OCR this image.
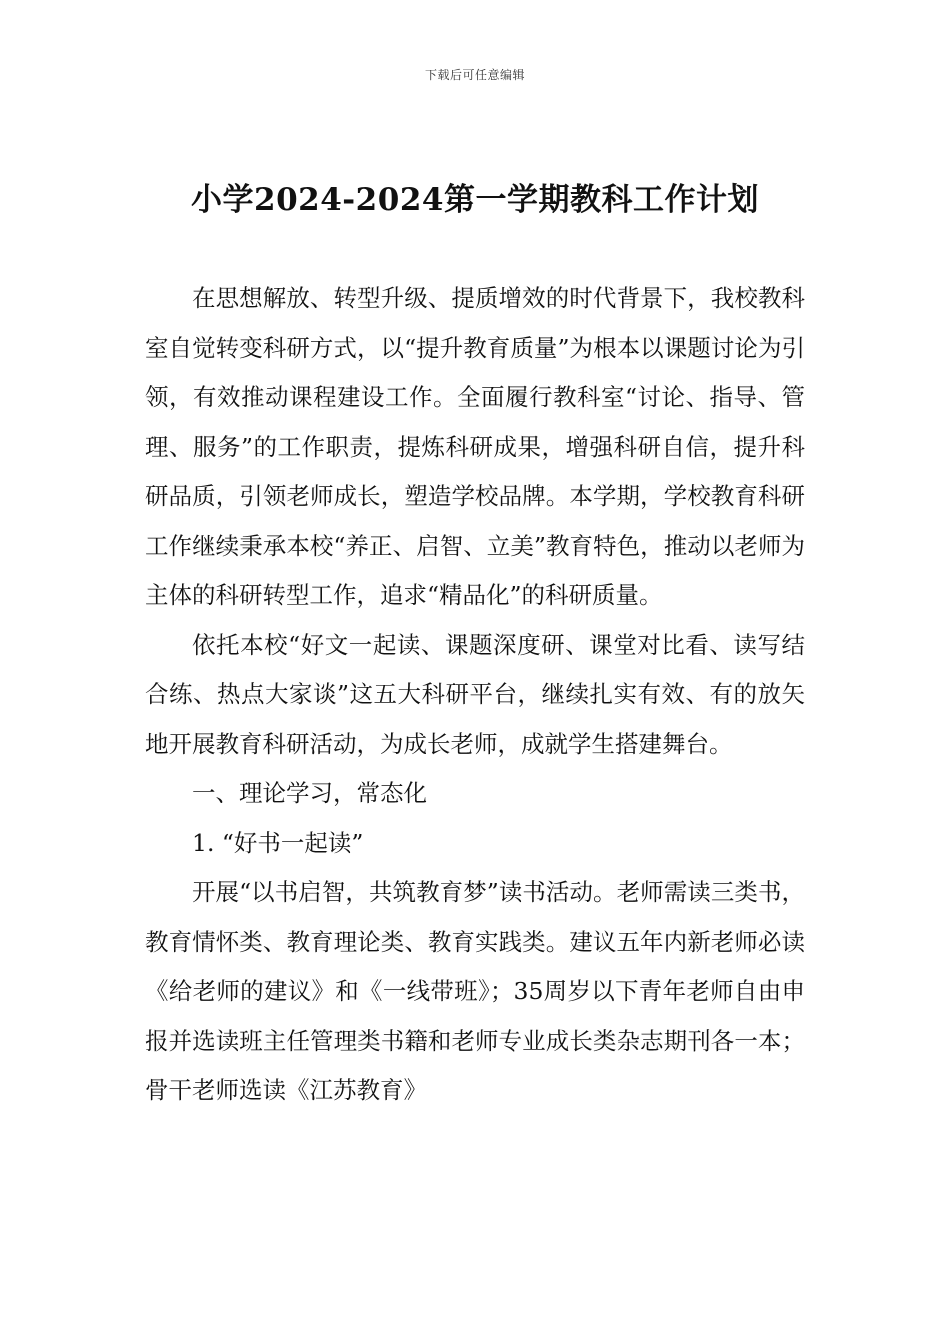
下载后可任意编辑
小学2024-2024第一学期教科工作计划

在思想解放、转型升级、提质增效的时代背景下，我校教科室自觉转变科研方式，以“提升教育质量”为根本以课题讨论为引领，有效推动课程建设工作。全面履行教科室“讨论、指导、管理、服务”的工作职责，提炼科研成果，增强科研自信，提升科研品质，引领老师成长，塑造学校品牌。本学期，学校教育科研工作继续秉承本校“养正、启智、立美”教育特色，推动以老师为主体的科研转型工作，追求“精品化”的科研质量。

依托本校“好文一起读、课题深度研、课堂对比看、读写结合练、热点大家谈”这五大科研平台，继续扎实有效、有的放矢地开展教育科研活动，为成长老师，成就学生搭建舞台。

一、理论学习，常态化

1. “好书一起读”

开展“以书启智，共筑教育梦”读书活动。老师需读三类书，教育情怀类、教育理论类、教育实践类。建议五年内新老师必读《给老师的建议》和《一线带班》；35周岁以下青年老师自由申报并选读班主任管理类书籍和老师专业成长类杂志期刊各一本；骨干老师选读《江苏教育》
